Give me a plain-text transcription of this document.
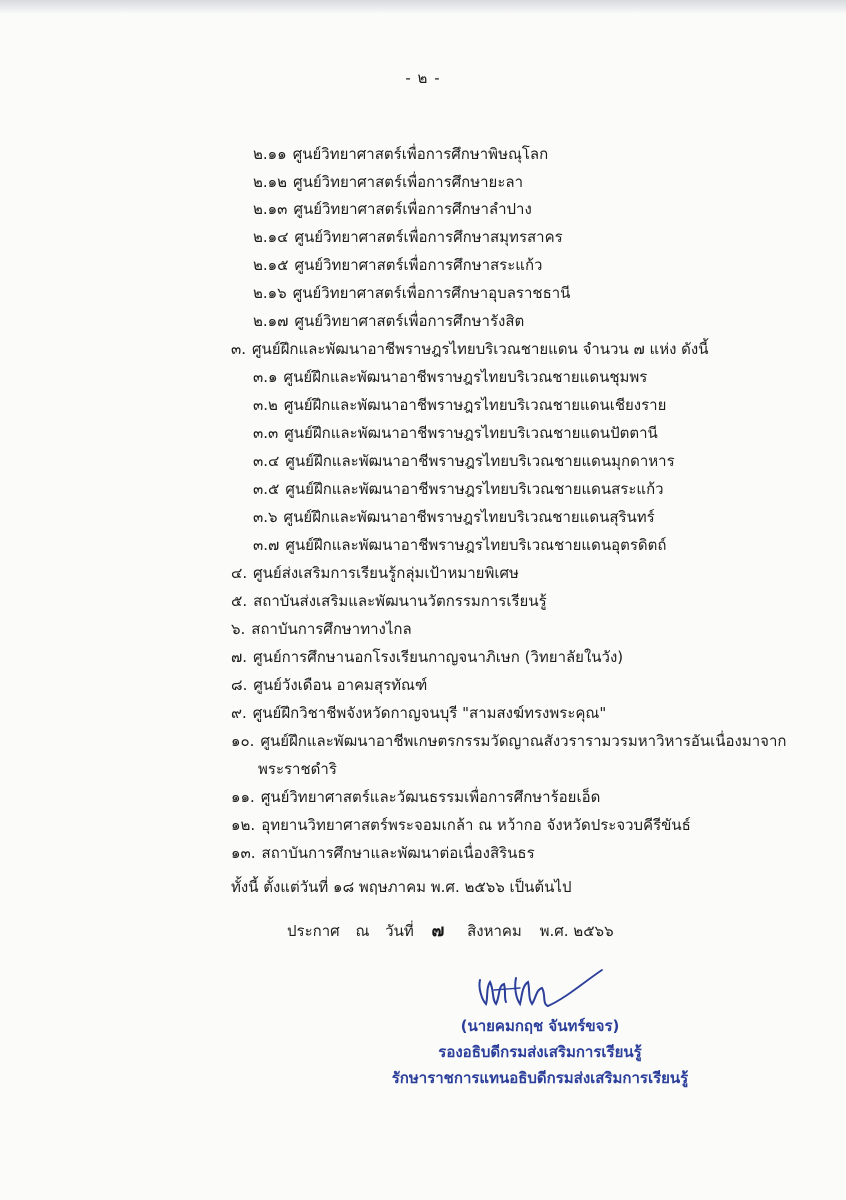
- ๒ -
๒.๑๑ ศูนย์วิทยาศาสตร์เพื่อการศึกษาพิษณุโลก
๒.๑๒ ศูนย์วิทยาศาสตร์เพื่อการศึกษายะลา
๒.๑๓ ศูนย์วิทยาศาสตร์เพื่อการศึกษาลำปาง
๒.๑๔ ศูนย์วิทยาศาสตร์เพื่อการศึกษาสมุทรสาคร
๒.๑๕ ศูนย์วิทยาศาสตร์เพื่อการศึกษาสระแก้ว
๒.๑๖ ศูนย์วิทยาศาสตร์เพื่อการศึกษาอุบลราชธานี
๒.๑๗ ศูนย์วิทยาศาสตร์เพื่อการศึกษารังสิต
๓. ศูนย์ฝึกและพัฒนาอาชีพราษฎรไทยบริเวณชายแดน จำนวน ๗ แห่ง ดังนี้
๓.๑ ศูนย์ฝึกและพัฒนาอาชีพราษฎรไทยบริเวณชายแดนชุมพร
๓.๒ ศูนย์ฝึกและพัฒนาอาชีพราษฎรไทยบริเวณชายแดนเชียงราย
๓.๓ ศูนย์ฝึกและพัฒนาอาชีพราษฎรไทยบริเวณชายแดนปัตตานี
๓.๔ ศูนย์ฝึกและพัฒนาอาชีพราษฎรไทยบริเวณชายแดนมุกดาหาร
๓.๕ ศูนย์ฝึกและพัฒนาอาชีพราษฎรไทยบริเวณชายแดนสระแก้ว
๓.๖ ศูนย์ฝึกและพัฒนาอาชีพราษฎรไทยบริเวณชายแดนสุรินทร์
๓.๗ ศูนย์ฝึกและพัฒนาอาชีพราษฎรไทยบริเวณชายแดนอุตรดิตถ์
๔. ศูนย์ส่งเสริมการเรียนรู้กลุ่มเป้าหมายพิเศษ
๕. สถาบันส่งเสริมและพัฒนานวัตกรรมการเรียนรู้
๖. สถาบันการศึกษาทางไกล
๗. ศูนย์การศึกษานอกโรงเรียนกาญจนาภิเษก (วิทยาลัยในวัง)
๘. ศูนย์วังเดือน อาคมสุรทัณฑ์
๙. ศูนย์ฝึกวิชาชีพจังหวัดกาญจนบุรี "สามสงฆ์ทรงพระคุณ"
๑๐. ศูนย์ฝึกและพัฒนาอาชีพเกษตรกรรมวัดญาณสังวรารามวรมหาวิหารอันเนื่องมาจาก
พระราชดำริ
๑๑. ศูนย์วิทยาศาสตร์และวัฒนธรรมเพื่อการศึกษาร้อยเอ็ด
๑๒. อุทยานวิทยาศาสตร์พระจอมเกล้า ณ หว้ากอ จังหวัดประจวบคีรีขันธ์
๑๓. สถาบันการศึกษาและพัฒนาต่อเนื่องสิรินธร
ทั้งนี้ ตั้งแต่วันที่ ๑๘ พฤษภาคม พ.ศ. ๒๕๖๖ เป็นต้นไป
ประกาศ ณ วันที่ ๗ สิงหาคม พ.ศ. ๒๕๖๖
(นายคมกฤช จันทร์ขจร)
รองอธิบดีกรมส่งเสริมการเรียนรู้
รักษาราชการแทนอธิบดีกรมส่งเสริมการเรียนรู้
